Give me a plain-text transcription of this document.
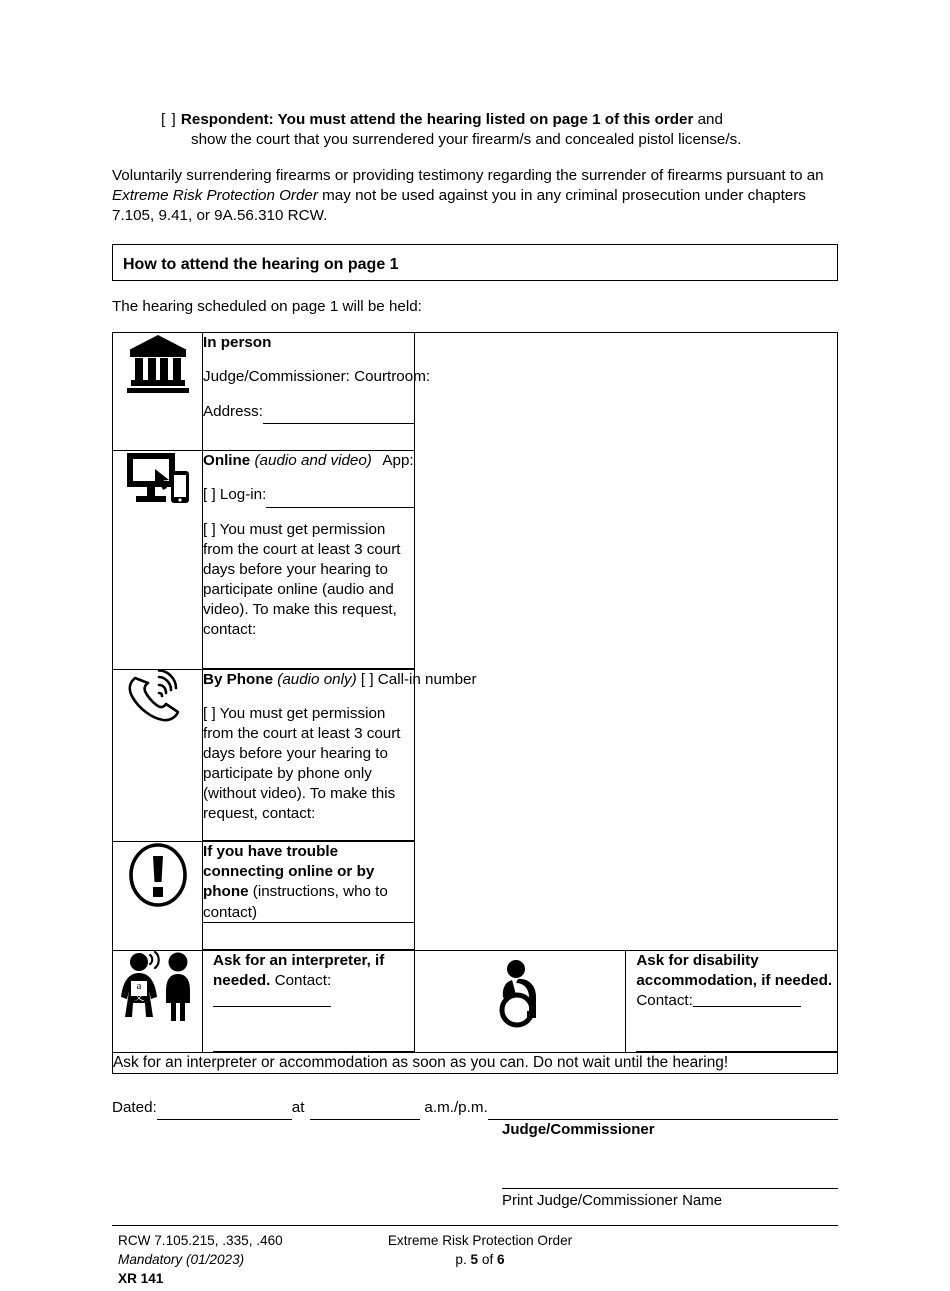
[ ] Respondent: You must attend the hearing listed on page 1 of this order and
show the court that you surrendered your firearm/s and concealed pistol license/s.
Voluntarily surrendering firearms or providing testimony regarding the surrender of firearms pursuant to an Extreme Risk Protection Order may not be used against you in any criminal prosecution under chapters 7.105, 9.41, or 9A.56.310 RCW.
How to attend the hearing on page 1
The hearing scheduled on page 1 will be held:

In person
Judge/Commissioner:
Courtroom:
Address:		

Online
(audio and video)
App:
[ ]
Log-in:
[ ] You must get permission from the court at least 3 court days before your hearing to participate online (audio and video). To make this request, contact:

By Phone
(audio only)
[ ]
Call-in number
[ ] You must get permission from the court at least 3 court days before your hearing to participate by phone only (without video). To make this request, contact:		

If you have trouble connecting online or by phone (instructions, who to contact)		

a
文	Ask for an interpreter, if needed. Contact:		Ask for disability accommodation, if needed. Contact:

Ask for an interpreter or accommodation as soon as you can. Do not wait until the hearing!			
Dated:	at

	a.m./p.m.
Judge/Commissioner
Print Judge/Commissioner Name
RCW 7.105.215, .335, .460
Mandatory (01/2023)
XR 141
Extreme Risk Protection Order
p. 5 of 6
